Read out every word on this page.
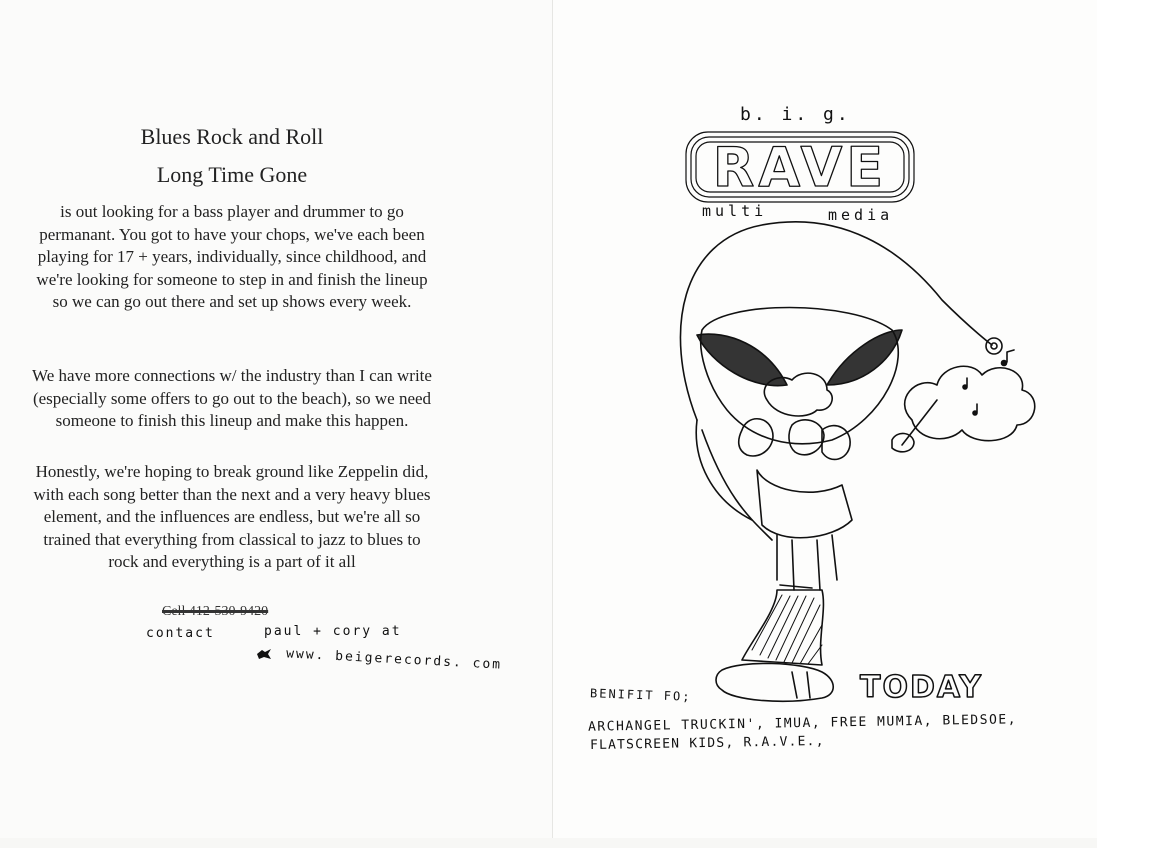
Blues Rock and Roll
Long Time Gone

is out looking for a bass player and drummer to go permanant. You got to have your chops, we've each been playing for 17 + years, individually, since childhood, and we're looking for someone to step in and finish the lineup so we can go out there and set up shows every week.

We have more connections w/ the industry than I can write (especially some offers to go out to the beach), so we need someone to finish this lineup and make this happen.

Honestly, we're hoping to break ground like Zeppelin did, with each song better than the next and a very heavy blues element, and the influences are endless, but we're all so trained that everything from classical to jazz to blues to rock and everything is a part of it all

Cell 412-530-9420

contact	paul + cory at

www. beigerecords. com

b. i. g.
RAVE
multi	media
TODAY

BENIFIT FO;

ARCHANGEL TRUCKIN', IMUA, FREE MUMIA, BLEDSOE,

FLATSCREEN KIDS, R.A.V.E.,
